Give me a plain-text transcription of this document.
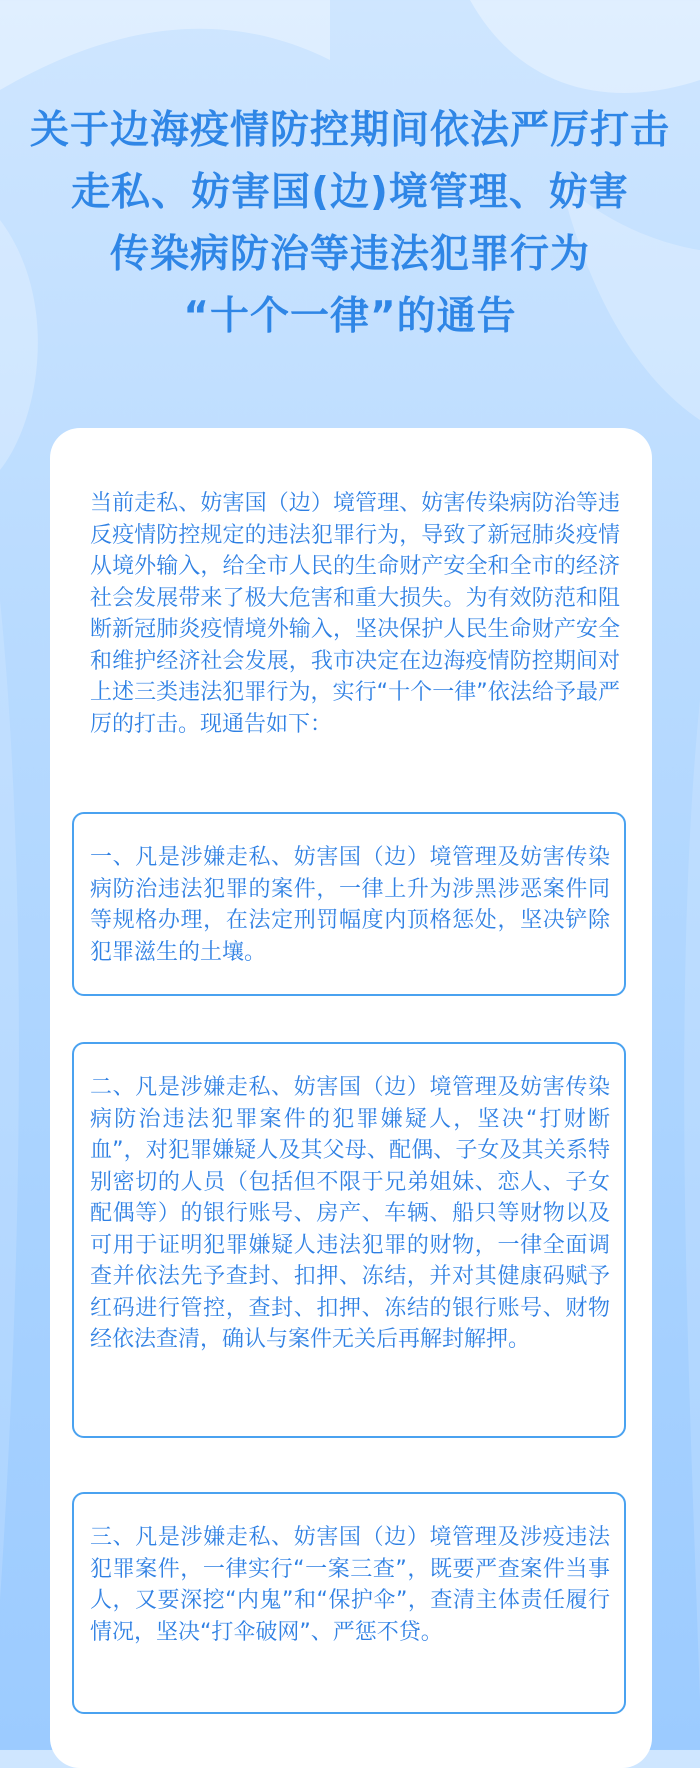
关于边海疫情防控期间依法严厉打击
走私、妨害国(边)境管理、妨害
传染病防治等违法犯罪行为
“十个一律”的通告

当前走私、妨害国（边）境管理、妨害传染病防治等违反疫情防控规定的违法犯罪行为，导致了新冠肺炎疫情从境外输入，给全市人民的生命财产安全和全市的经济社会发展带来了极大危害和重大损失。为有效防范和阻断新冠肺炎疫情境外输入，坚决保护人民生命财产安全和维护经济社会发展，我市决定在边海疫情防控期间对上述三类违法犯罪行为，实行“十个一律”依法给予最严厉的打击。现通告如下：

一、凡是涉嫌走私、妨害国（边）境管理及妨害传染病防治违法犯罪的案件，一律上升为涉黑涉恶案件同等规格办理，在法定刑罚幅度内顶格惩处，坚决铲除犯罪滋生的土壤。

二、凡是涉嫌走私、妨害国（边）境管理及妨害传染病防治违法犯罪案件的犯罪嫌疑人，坚决“打财断血”，对犯罪嫌疑人及其父母、配偶、子女及其关系特别密切的人员（包括但不限于兄弟姐妹、恋人、子女配偶等）的银行账号、房产、车辆、船只等财物以及可用于证明犯罪嫌疑人违法犯罪的财物，一律全面调查并依法先予查封、扣押、冻结，并对其健康码赋予红码进行管控，查封、扣押、冻结的银行账号、财物经依法查清，确认与案件无关后再解封解押。

三、凡是涉嫌走私、妨害国（边）境管理及涉疫违法犯罪案件，一律实行“一案三查”，既要严查案件当事人，又要深挖“内鬼”和“保护伞”，查清主体责任履行情况，坚决“打伞破网”、严惩不贷。
